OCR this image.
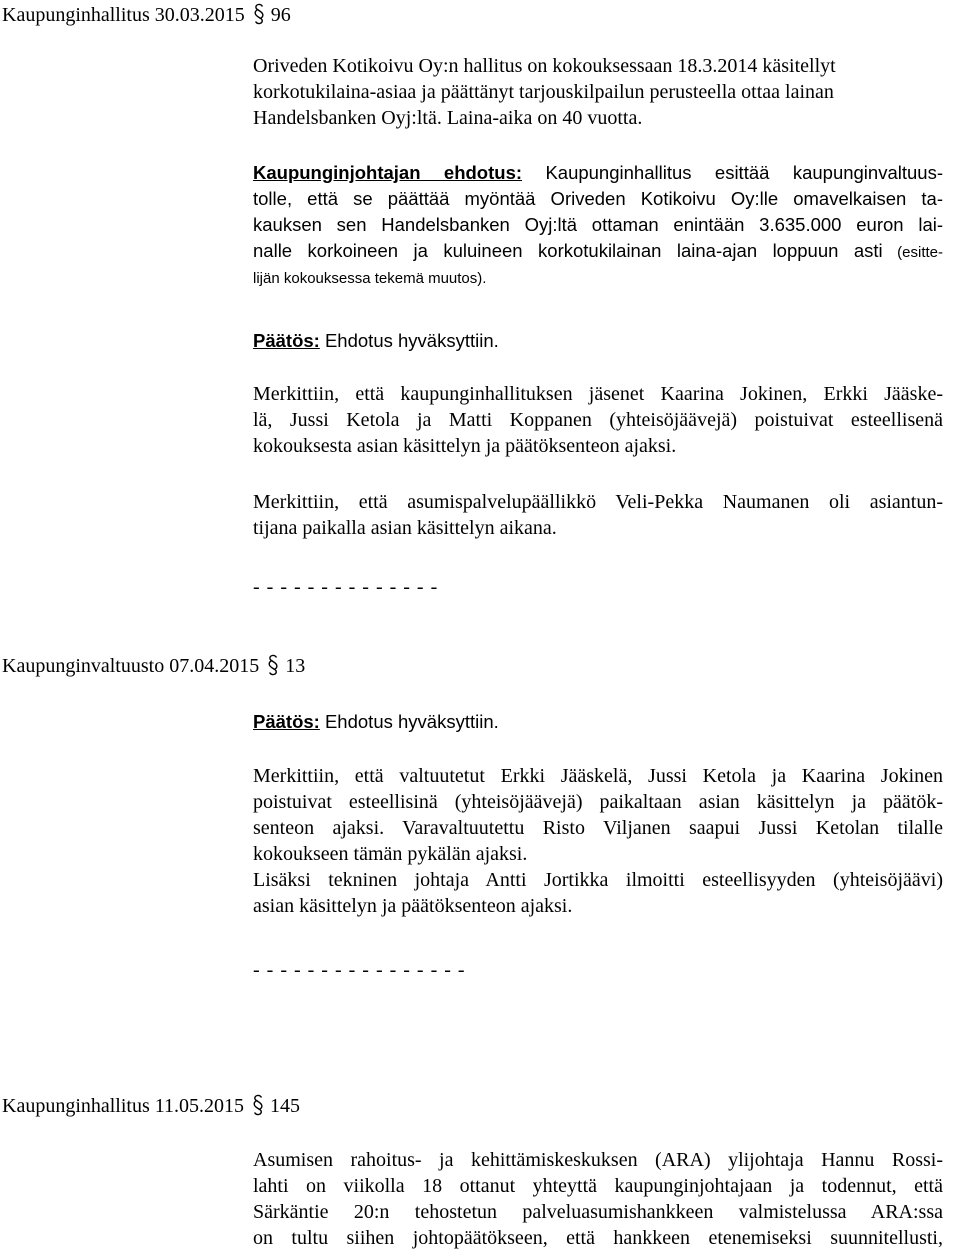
Kaupunginhallitus 30.03.2015 96
Oriveden Kotikoivu Oy:n hallitus on kokouksessaan 18.3.2014 käsitellyt
korkotukilaina-asiaa ja päättänyt tarjouskilpailun perusteella ottaa lainan
Handelsbanken Oyj:ltä. Laina-aika on 40 vuotta.
Kaupunginjohtajan ehdotus: Kaupunginhallitus esittää kaupunginvaltuus-
tolle, että se päättää myöntää Oriveden Kotikoivu Oy:lle omavelkaisen ta-
kauksen sen Handelsbanken Oyj:ltä ottaman enintään 3.635.000 euron lai-
nalle korkoineen ja kuluineen korkotukilainan laina-ajan loppuun asti (esitte-
lijän kokouksessa tekemä muutos).
Päätös: Ehdotus hyväksyttiin.
Merkittiin, että kaupunginhallituksen jäsenet Kaarina Jokinen, Erkki Jääske-
lä, Jussi Ketola ja Matti Koppanen (yhteisöjäävejä) poistuivat esteellisenä
kokouksesta asian käsittelyn ja päätöksenteon ajaksi.
Merkittiin, että asumispalvelupäällikkö Veli-Pekka Naumanen oli asiantun-
tijana paikalla asian käsittelyn aikana.
- - - - - - - - - - - - - -
Kaupunginvaltuusto 07.04.2015 13
Päätös: Ehdotus hyväksyttiin.
Merkittiin, että valtuutetut Erkki Jääskelä, Jussi Ketola ja Kaarina Jokinen
poistuivat esteellisinä (yhteisöjäävejä) paikaltaan asian käsittelyn ja päätök-
senteon ajaksi. Varavaltuutettu Risto Viljanen saapui Jussi Ketolan tilalle
kokoukseen tämän pykälän ajaksi.
Lisäksi tekninen johtaja Antti Jortikka ilmoitti esteellisyyden (yhteisöjäävi)
asian käsittelyn ja päätöksenteon ajaksi.
- - - - - - - - - - - - - - - -
Kaupunginhallitus 11.05.2015 145
Asumisen rahoitus- ja kehittämiskeskuksen (ARA) ylijohtaja Hannu Rossi-
lahti on viikolla 18 ottanut yhteyttä kaupunginjohtajaan ja todennut, että
Särkäntie 20:n tehostetun palveluasumishankkeen valmistelussa ARA:ssa
on tultu siihen johtopäätökseen, että hankkeen etenemiseksi suunnitellusti,
